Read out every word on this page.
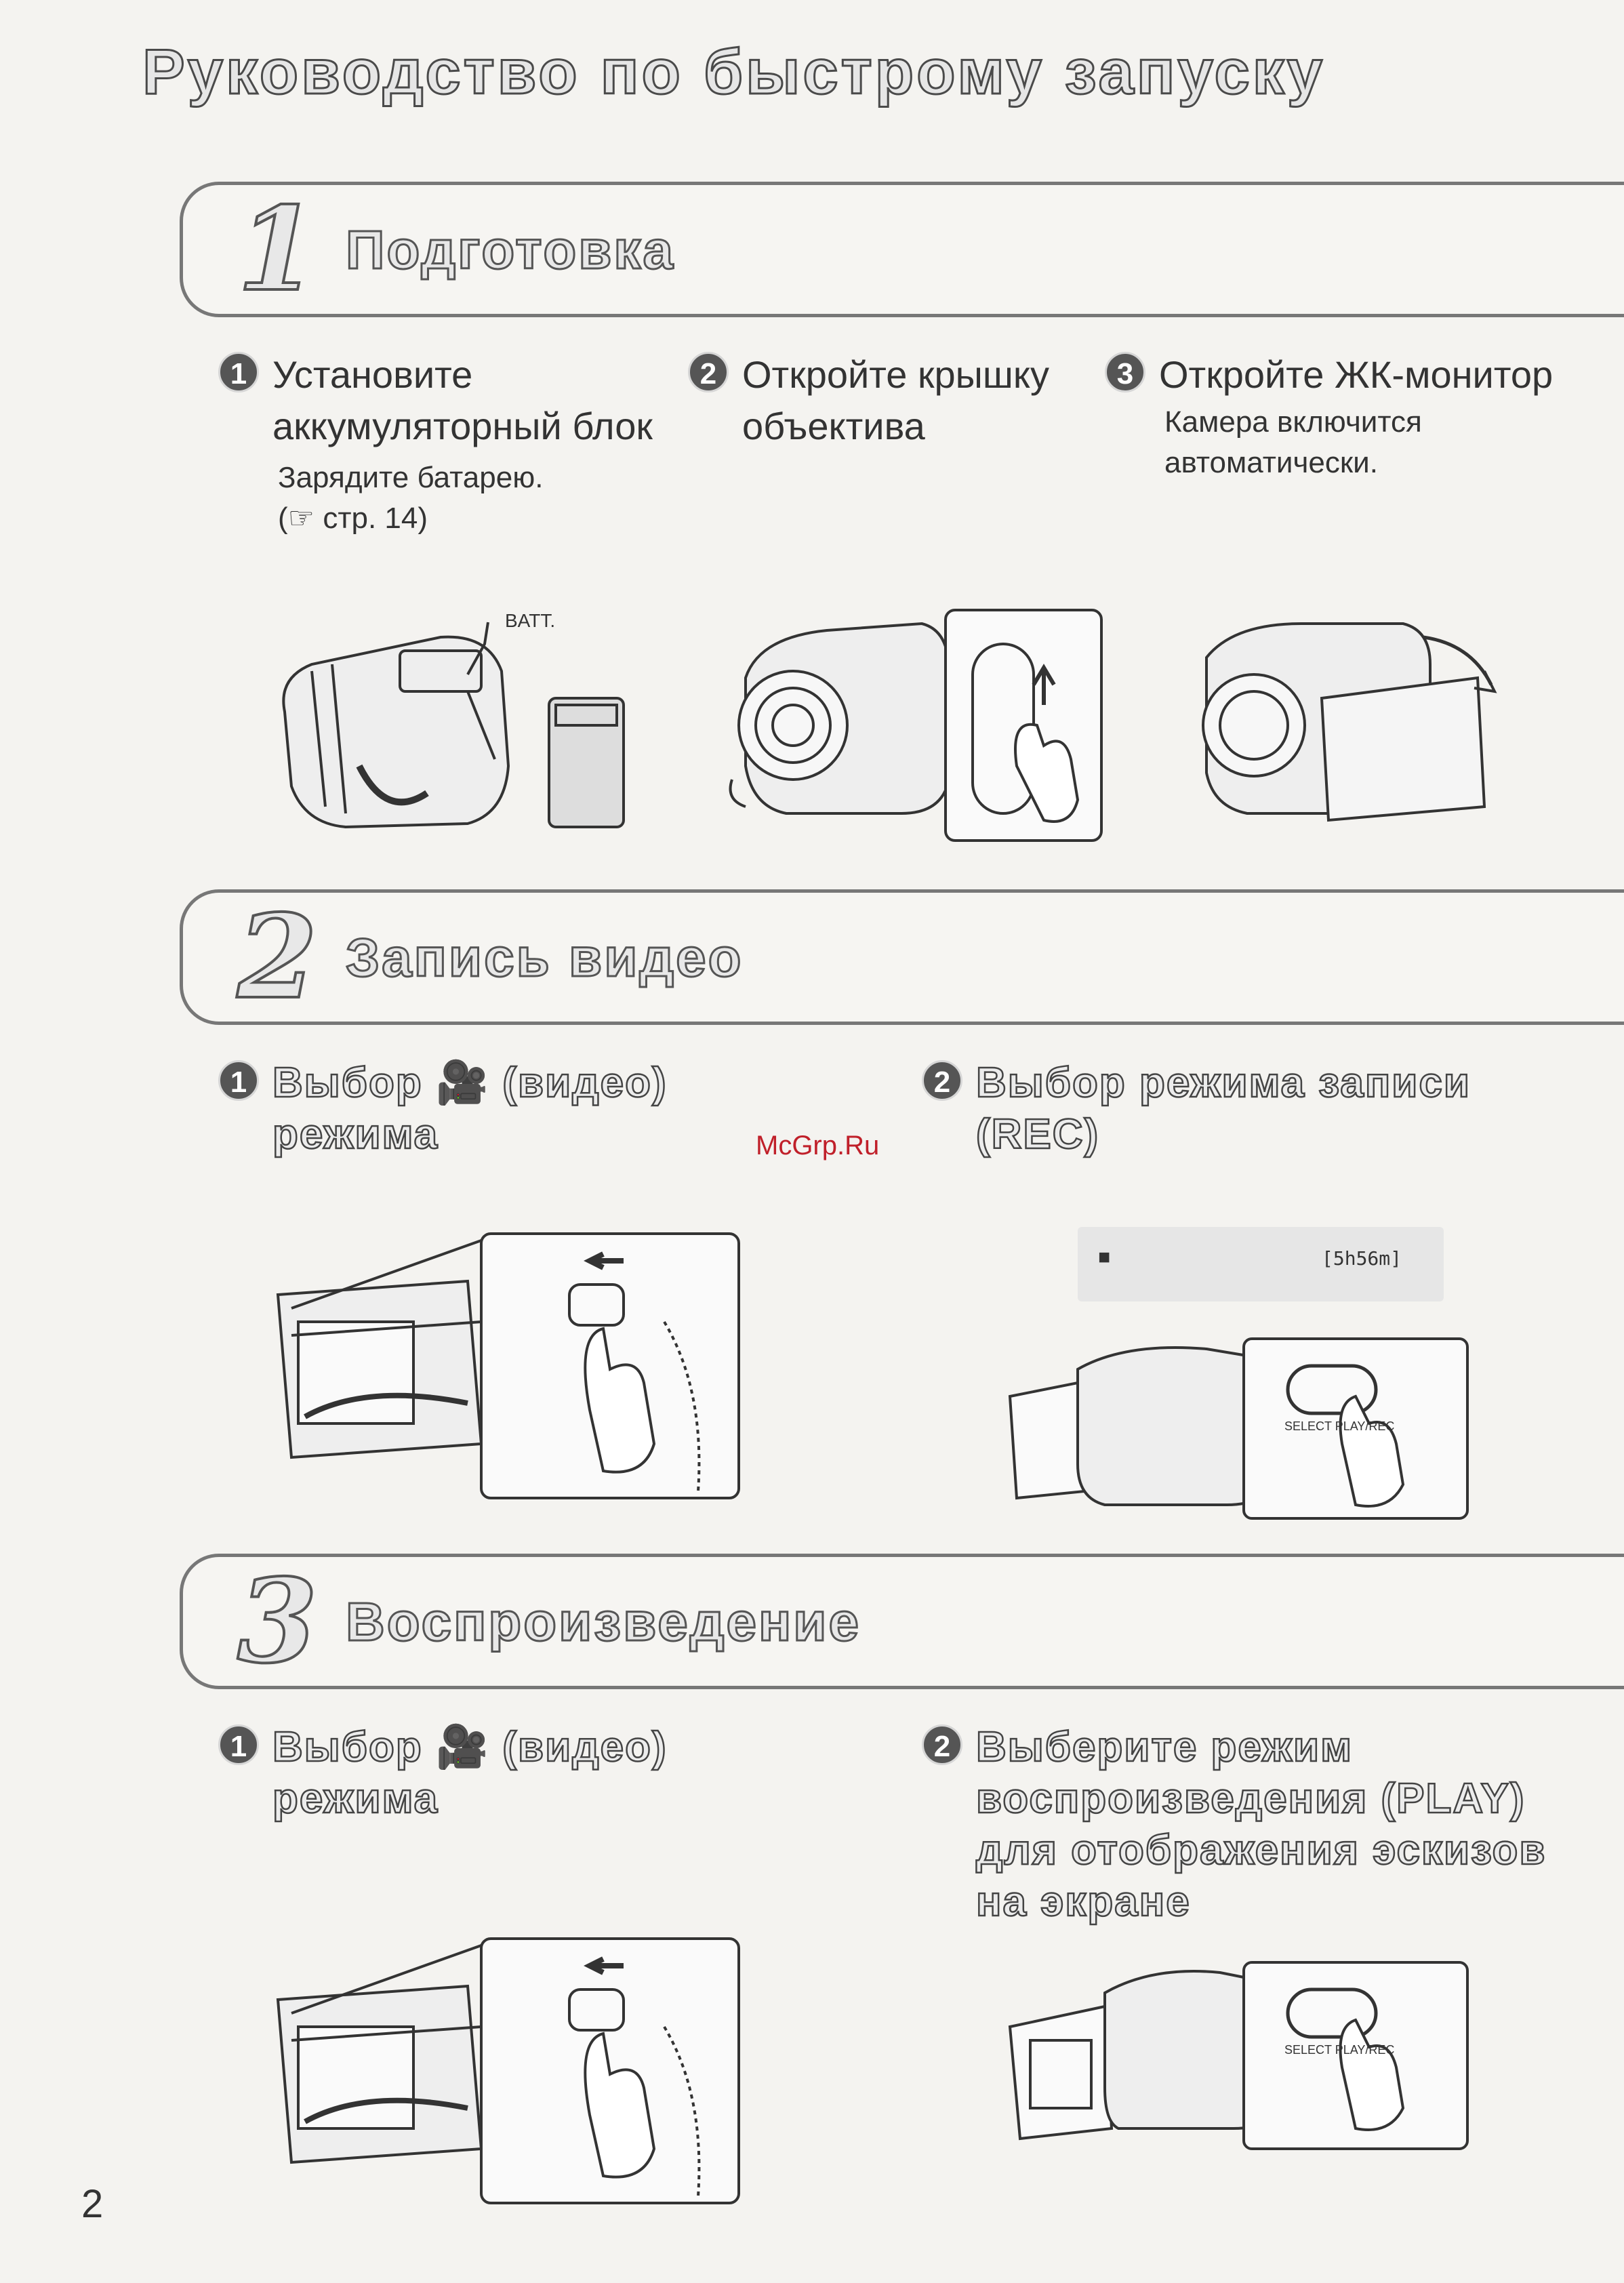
Руководство по быстрому запуску
1 Подготовка
1 Установите
аккумуляторный блок
Зарядите батарею.
(☞ стр. 14)
2 Откройте крышку
объектива
3 Откройте ЖК-монитор
Камера включится
автоматически.
BATT.
2 Запись видео
1 Выбор 🎥 (видео)
режима
2 Выбор режима записи
(REC)
McGrp.Ru
■	[5h56m]
SELECT PLAY/REC
3 Воспроизведение
1 Выбор 🎥 (видео)
режима
2 Выберите режим
воспроизведения (PLAY)
для отображения эскизов
на экране
SELECT PLAY/REC
2
